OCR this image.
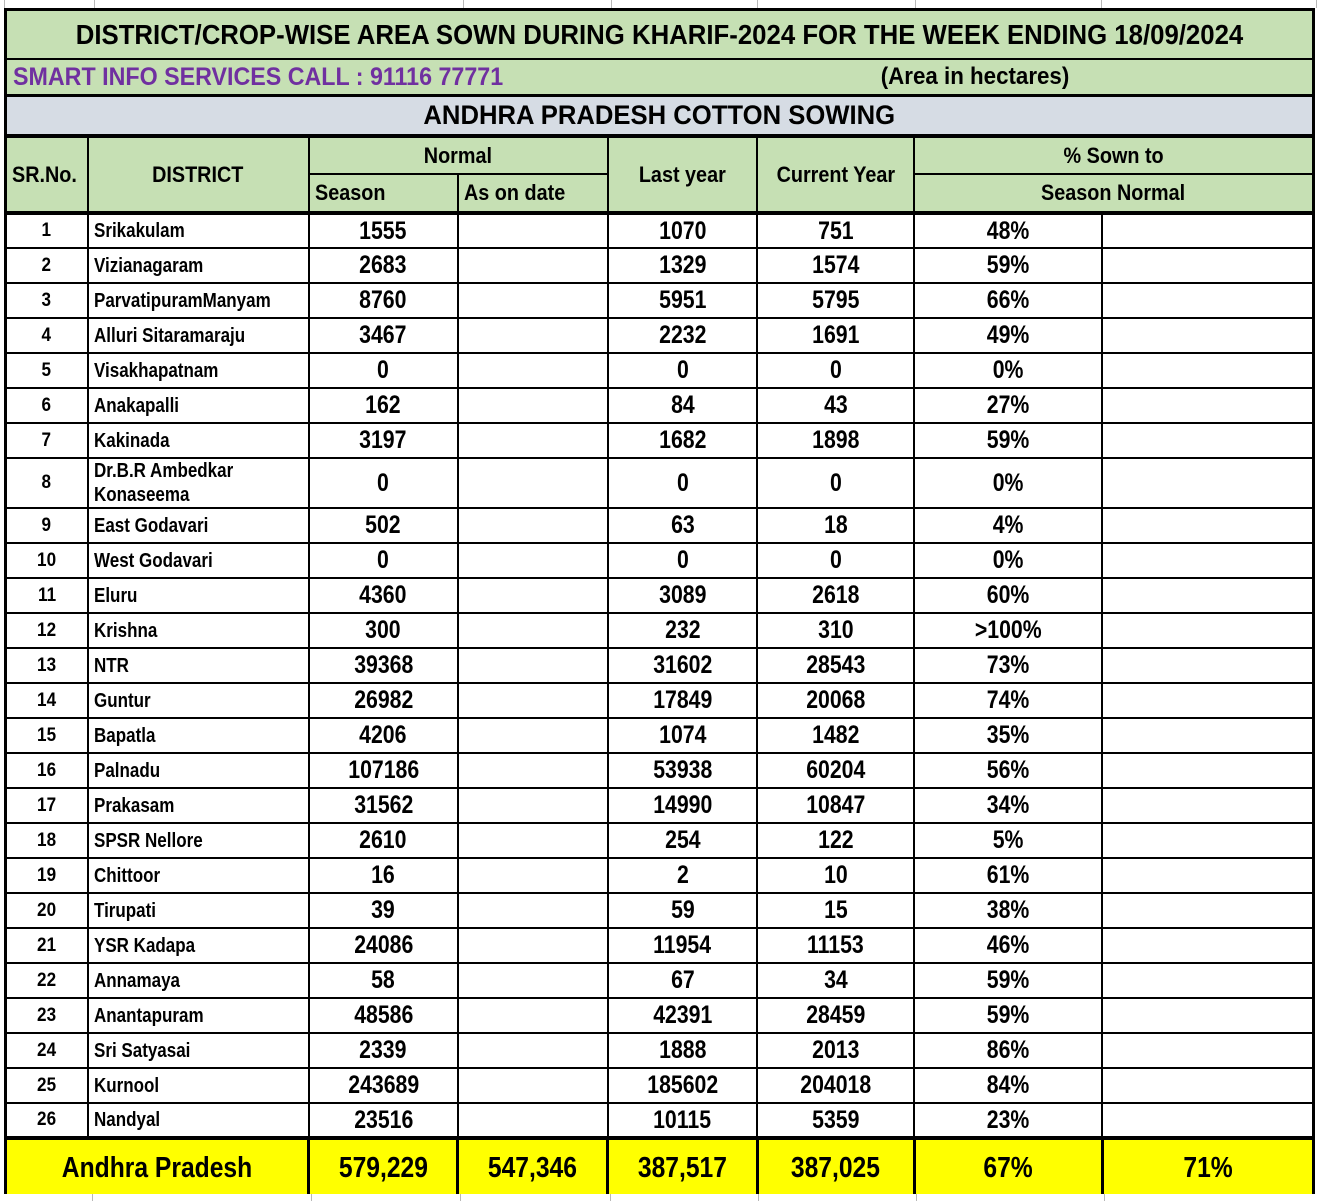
DISTRICT/CROP-WISE AREA SOWN DURING KHARIF-2024 FOR THE WEEK ENDING 18/09/2024							

SMART INFO SERVICES CALL : 91116 77771 (Area in hectares)							

ANDHRA PRADESH COTTON SOWING							
SR.No.	DISTRICT	Normal		Last year	Current Year	% Sown to	
		Season	As on date			Season Normal	
1	Srikakulam	1555		1070	751	48%	
2	Vizianagaram	2683		1329	1574	59%	
3	ParvatipuramManyam	8760		5951	5795	66%	
4	Alluri Sitaramaraju	3467		2232	1691	49%	
5	Visakhapatnam	0		0	0	0%	
6	Anakapalli	162		84	43	27%	
7	Kakinada	3197		1682	1898	59%	
8	Dr.B.R Ambedkar Konaseema	0		0	0	0%	
9	East Godavari	502		63	18	4%	
10	West Godavari	0		0	0	0%	
11	Eluru	4360		3089	2618	60%	
12	Krishna	300		232	310	>100%	
13	NTR	39368		31602	28543	73%	
14	Guntur	26982		17849	20068	74%	
15	Bapatla	4206		1074	1482	35%	
16	Palnadu	107186		53938	60204	56%	
17	Prakasam	31562		14990	10847	34%	
18	SPSR Nellore	2610		254	122	5%	
19	Chittoor	16		2	10	61%	
20	Tirupati	39		59	15	38%	
21	YSR Kadapa	24086		11954	11153	46%	
22	Annamaya	58		67	34	59%	
23	Anantapuram	48586		42391	28459	59%	
24	Sri Satyasai	2339		1888	2013	86%	
25	Kurnool	243689		185602	204018	84%	
26	Nandyal	23516		10115	5359	23%	
Andhra Pradesh		579,229	547,346	387,517	387,025	67%	71%
